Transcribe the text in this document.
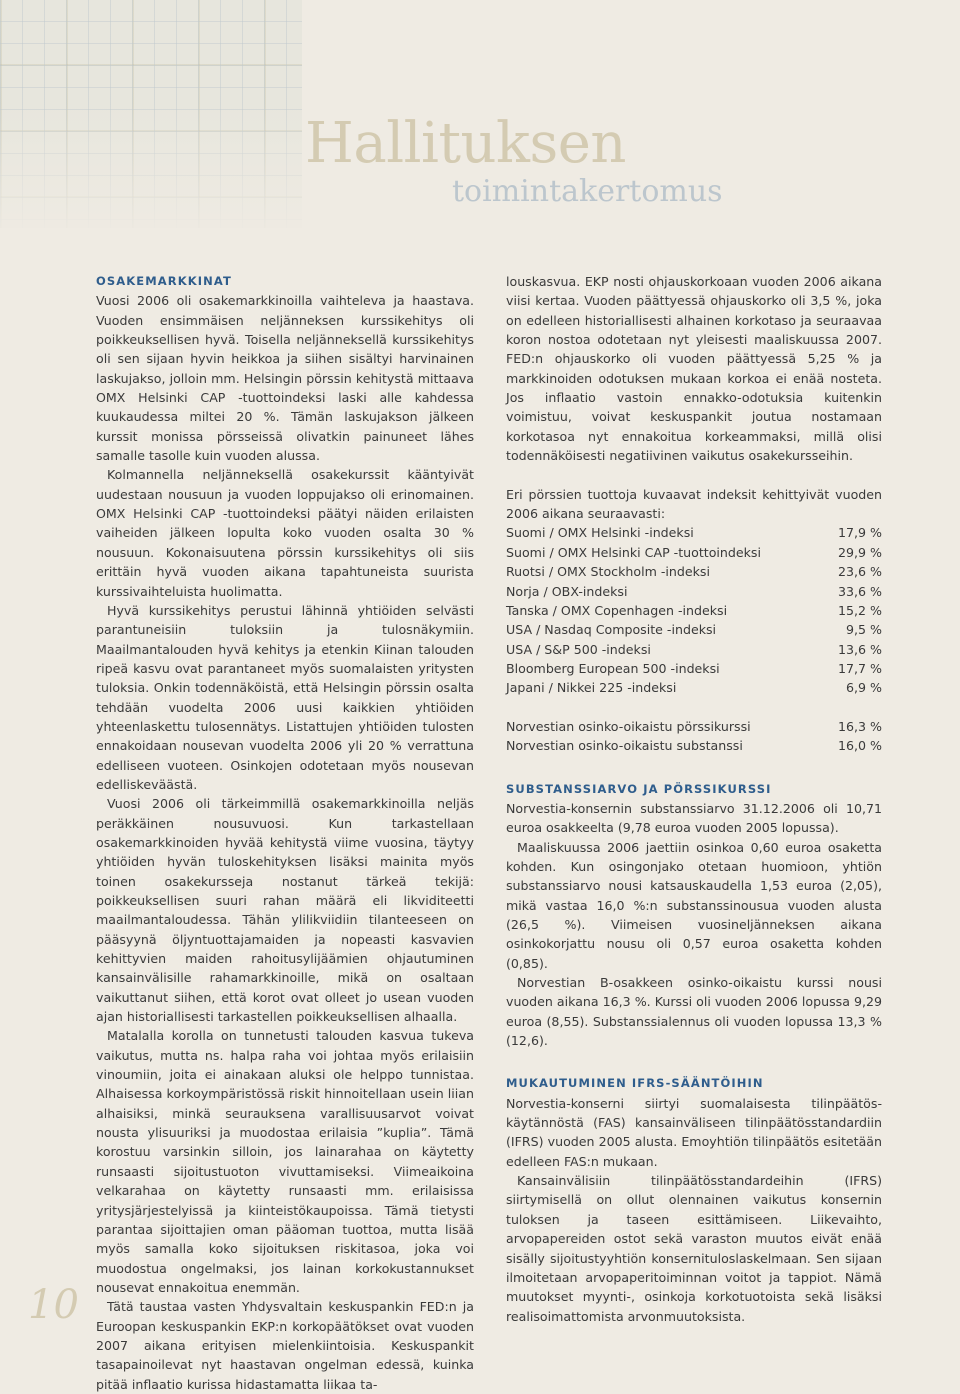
Hallituksen
toimintakertomus
OSAKEMARKKINAT

Vuosi 2006 oli osakemarkkinoilla vaihteleva ja haastava. Vuoden ensimmäisen neljänneksen kurssikehitys oli poikkeuksellisen hyvä. Toisella neljänneksellä kurssikehitys oli sen sijaan hyvin heikkoa ja siihen sisältyi harvinainen laskujakso, jolloin mm. Helsingin pörssin kehitystä mittaava OMX Helsinki CAP -tuottoindeksi laski alle kahdessa kuukaudessa miltei 20 %. Tämän laskujakson jälkeen kurssit monissa pörsseissä olivatkin painuneet lähes samalle tasolle kuin vuoden alussa.

Kolmannella neljänneksellä osakekurssit kääntyivät uudestaan nousuun ja vuoden loppujakso oli erinomainen. OMX Helsinki CAP -tuottoindeksi päätyi näiden erilaisten vaiheiden jälkeen lopulta koko vuoden osalta 30 % nousuun. Kokonaisuutena pörssin kurssikehitys oli siis erittäin hyvä vuoden aikana tapahtuneista suurista kurssivaihteluista huolimatta.

Hyvä kurssikehitys perustui lähinnä yhtiöiden selvästi parantuneisiin tuloksiin ja tulosnäkymiin. Maailmantalouden hyvä kehitys ja etenkin Kiinan talouden ripeä kasvu ovat parantaneet myös suomalaisten yritysten tuloksia. Onkin todennäköistä, että Helsingin pörssin osalta tehdään vuodelta 2006 uusi kaikkien yhtiöiden yhteenlaskettu tulosennätys. Listattujen yhtiöiden tulosten ennakoidaan nousevan vuodelta 2006 yli 20 % verrattuna edelliseen vuoteen. Osinkojen odotetaan myös nousevan edelliskeväästä.

Vuosi 2006 oli tärkeimmillä osakemarkkinoilla neljäs peräkkäinen nousuvuosi. Kun tarkastellaan osakemarkkinoiden hyvää kehitystä viime vuosina, täytyy yhtiöiden hyvän tuloskehityksen lisäksi mainita myös toinen osakekursseja nostanut tärkeä tekijä: poikkeuksellisen suuri rahan määrä eli likviditeetti maailmantaloudessa. Tähän ylilikviidiin tilanteeseen on pääsyynä öljyntuottajamaiden ja nopeasti kasvavien kehittyvien maiden rahoitusylijäämien ohjautuminen kansainvälisille rahamarkkinoille, mikä on osaltaan vaikuttanut siihen, että korot ovat olleet jo usean vuoden ajan historiallisesti tarkastellen poikkeuksellisen alhaalla.

Matalalla korolla on tunnetusti talouden kasvua tukeva vaikutus, mutta ns. halpa raha voi johtaa myös erilaisiin vinoumiin, joita ei ainakaan aluksi ole helppo tunnistaa. Alhaisessa korkoympäristössä riskit hinnoitellaan usein liian alhaisiksi, minkä seurauksena varallisuusarvot voivat nousta ylisuuriksi ja muodostaa erilaisia ”kuplia”. Tämä korostuu varsinkin silloin, jos lainarahaa on käytetty runsaasti sijoitustuoton vivuttamiseksi. Viimeaikoina velkarahaa on käytetty runsaasti mm. erilaisissa yritysjärjestelyissä ja kiinteistökaupoissa. Tämä tietysti parantaa sijoittajien oman pääoman tuottoa, mutta lisää myös samalla koko sijoituksen riskitasoa, joka voi muodostua ongelmaksi, jos lainan korkokustannukset nousevat ennakoitua enemmän.

Tätä taustaa vasten Yhdysvaltain keskuspankin FED:n ja Euroopan keskuspankin EKP:n korkopäätökset ovat vuoden 2007 aikana erityisen mielenkiintoisia. Keskuspankit tasapainoilevat nyt haastavan ongelman edessä, kuinka pitää inflaatio kurissa hidastamatta liikaa ta-

louskasvua. EKP nosti ohjauskorkoaan vuoden 2006 aikana viisi kertaa. Vuoden päättyessä ohjauskorko oli 3,5 %, joka on edelleen historiallisesti alhainen korkotaso ja seuraavaa koron nostoa odotetaan nyt yleisesti maaliskuussa 2007. FED:n ohjauskorko oli vuoden päättyessä 5,25 % ja markkinoiden odotuksen mukaan korkoa ei enää nosteta. Jos inflaatio vastoin ennakko-odotuksia kuitenkin voimistuu, voivat keskuspankit joutua nostamaan korkotasoa nyt ennakoitua korkeammaksi, millä olisi todennäköisesti negatiivinen vaikutus osakekursseihin.

Eri pörssien tuottoja kuvaavat indeksit kehittyivät vuoden 2006 aikana seuraavasti:

Suomi / OMX Helsinki -indeksi	17,9 %
Suomi / OMX Helsinki CAP -tuottoindeksi	29,9 %
Ruotsi / OMX Stockholm -indeksi	23,6 %
Norja / OBX-indeksi	33,6 %
Tanska / OMX Copenhagen -indeksi	15,2 %
USA / Nasdaq Composite -indeksi	9,5 %
USA / S&P 500 -indeksi	13,6 %
Bloomberg European 500 -indeksi	17,7 %
Japani / Nikkei 225 -indeksi	6,9 %
Norvestian osinko-oikaistu pörssikurssi	16,3 %
Norvestian osinko-oikaistu substanssi	16,0 %
SUBSTANSSIARVO JA PÖRSSIKURSSI

Norvestia-konsernin substanssiarvo 31.12.2006 oli 10,71 euroa osakkeelta (9,78 euroa vuoden 2005 lopussa).

Maaliskuussa 2006 jaettiin osinkoa 0,60 euroa osaketta kohden. Kun osingonjako otetaan huomioon, yhtiön substanssiarvo nousi katsauskaudella 1,53 euroa (2,05), mikä vastaa 16,0 %:n substanssinousua vuoden alusta (26,5 %). Viimeisen vuosineljänneksen aikana osinkokorjattu nousu oli 0,57 euroa osaketta kohden (0,85).

Norvestian B-osakkeen osinko-oikaistu kurssi nousi vuoden aikana 16,3 %. Kurssi oli vuoden 2006 lopussa 9,29 euroa (8,55). Substanssialennus oli vuoden lopussa 13,3 % (12,6).

MUKAUTUMINEN IFRS-SÄÄNTÖIHIN

Norvestia-konserni siirtyi suomalaisesta tilinpäätös-käytännöstä (FAS) kansainväliseen tilinpäätösstandardiin (IFRS) vuoden 2005 alusta. Emoyhtiön tilinpäätös esitetään edelleen FAS:n mukaan.

Kansainvälisiin tilinpäätösstandardeihin (IFRS) siirtymisellä on ollut olennainen vaikutus konsernin tuloksen ja taseen esittämiseen. Liikevaihto, arvopapereiden ostot sekä varaston muutos eivät enää sisälly sijoitustyyhtiön konsernituloslaskelmaan. Sen sijaan ilmoitetaan arvopaperitoiminnan voitot ja tappiot. Nämä muutokset myynti-, osinkoja korkotuotoista sekä lisäksi realisoimattomista arvonmuutoksista.

10
